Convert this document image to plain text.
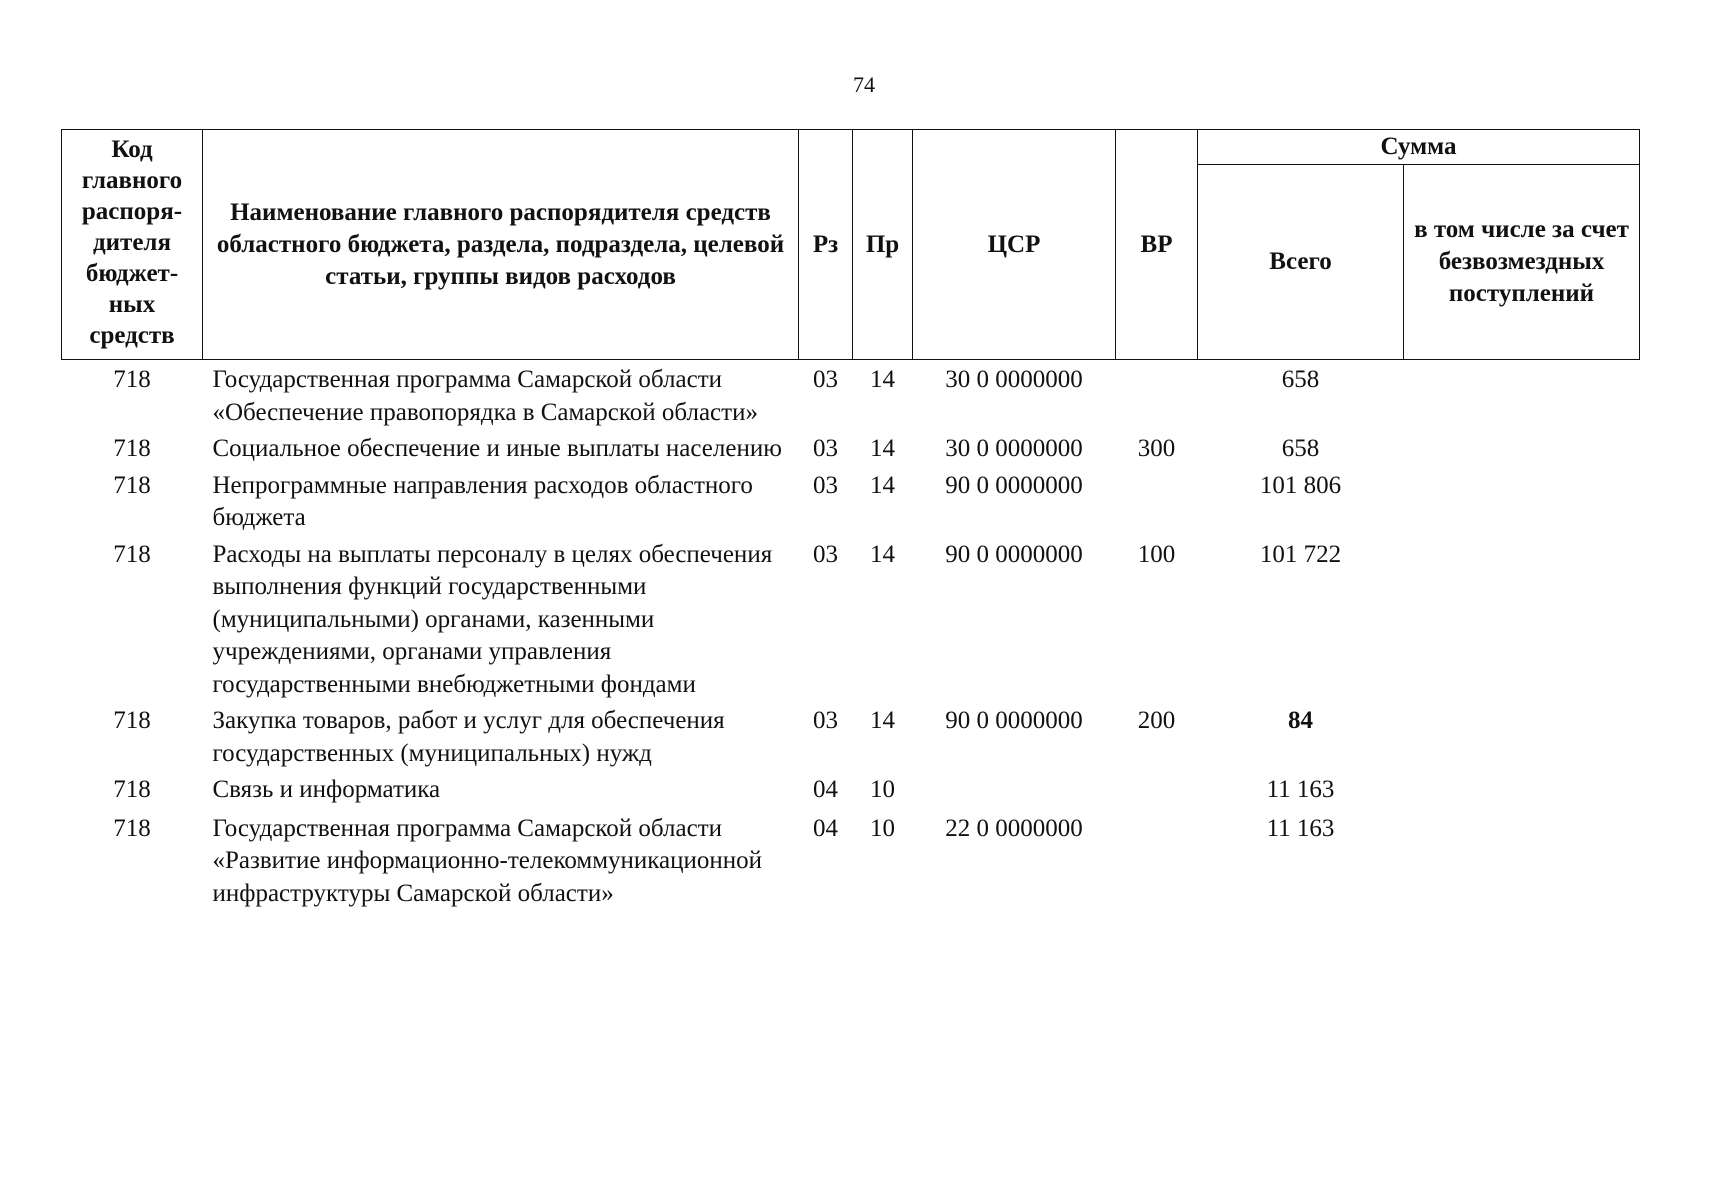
74
Код главного распоря-дителя бюджет-ных средств	Наименование главного распорядителя средств областного бюджета, раздела, подраздела, целевой статьи, группы видов расходов	Рз	Пр	ЦСР	ВР	Сумма	
						Всего	в том числе за счет безвозмездных поступлений
718	Государственная программа Самарской области «Обеспечение правопорядка в Самарской области»	03	14	30 0 0000000		658	
718	Социальное обеспечение и иные выплаты населению	03	14	30 0 0000000	300	658	
718	Непрограммные направления расходов областного бюджета	03	14	90 0 0000000		101 806	
718	Расходы на выплаты персоналу в целях обеспечения выполнения функций государственными (муниципальными) органами, казенными учреждениями, органами управления государственными внебюджетными фондами	03	14	90 0 0000000	100	101 722	
718	Закупка товаров, работ и услуг для обеспечения государственных (муниципальных) нужд	03	14	90 0 0000000	200	84	
718	Связь и информатика	04	10			11 163	
718	Государственная программа Самарской области «Развитие информационно-телекоммуникационной инфраструктуры Самарской области»	04	10	22 0 0000000		11 163	
